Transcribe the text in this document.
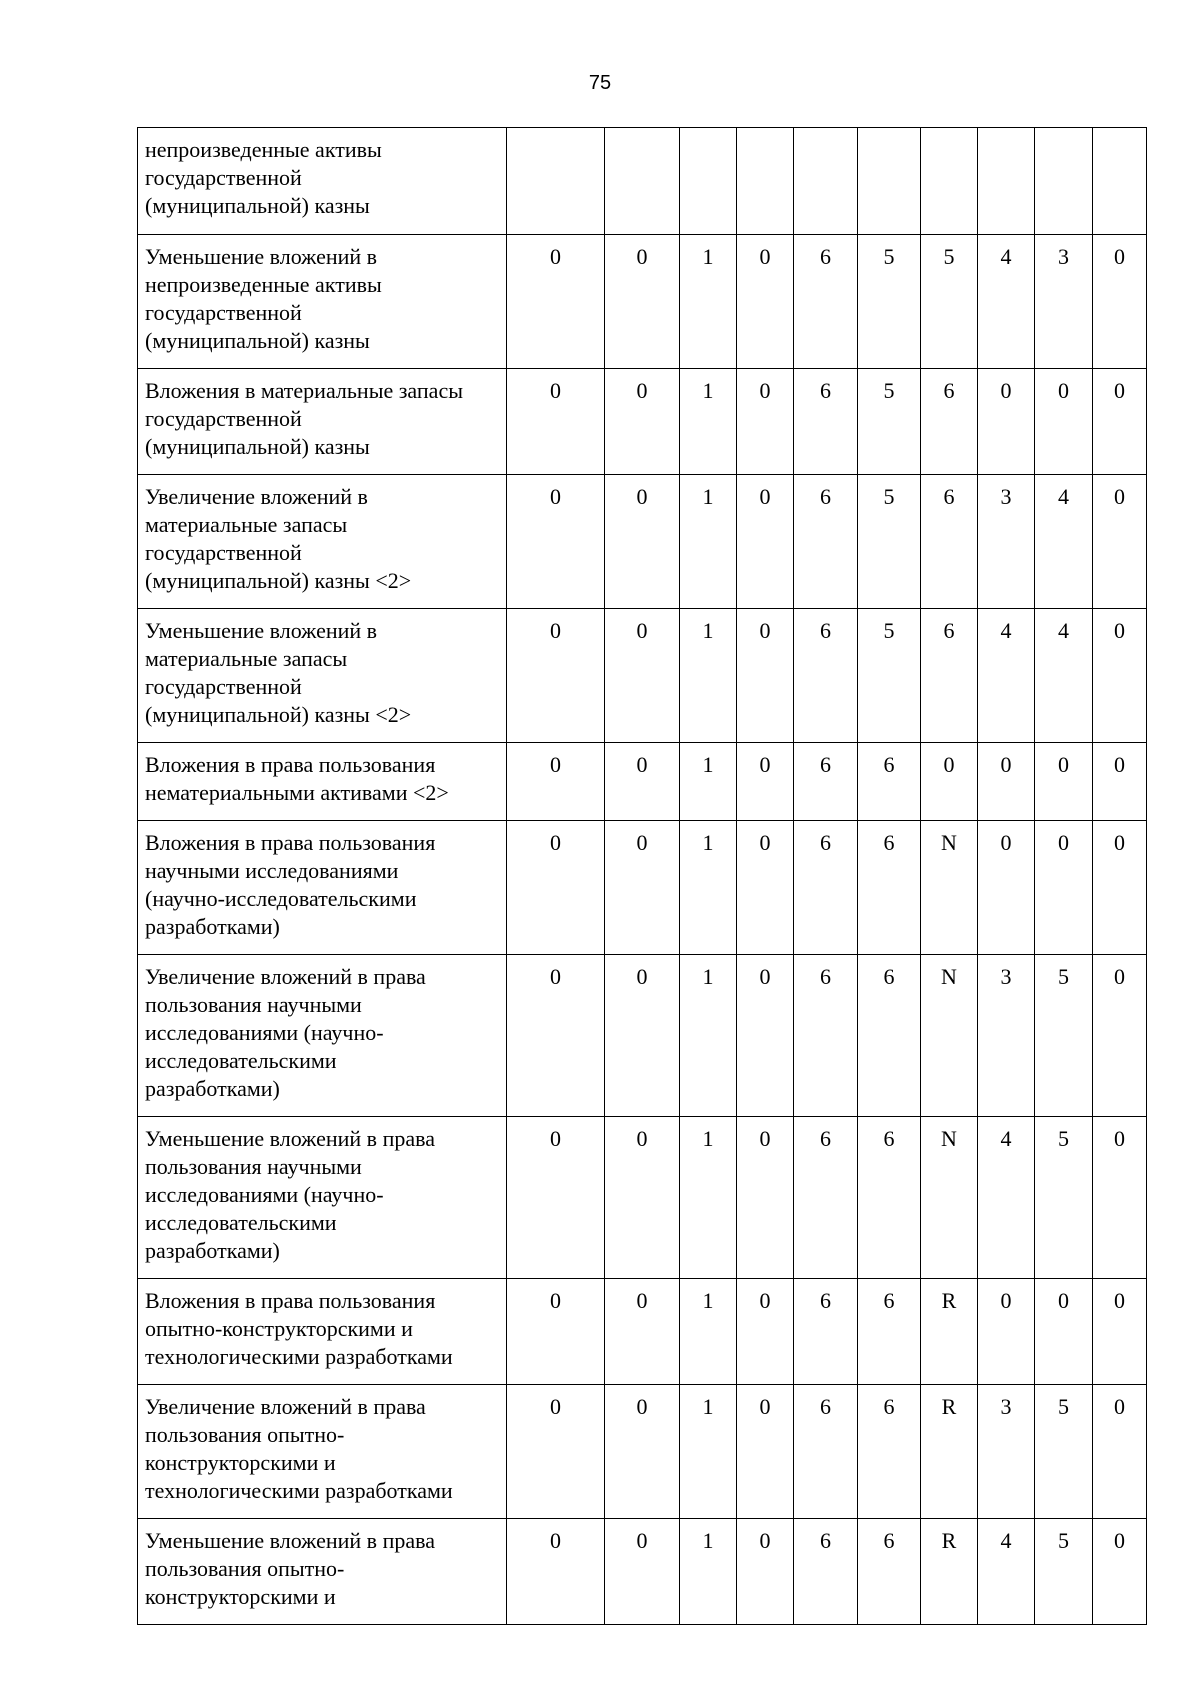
75
непроизведенные активы
государственной
(муниципальной) казны										

Уменьшение вложений в
непроизведенные активы
государственной
(муниципальной) казны	0	0	1	0	6	5	5	4	3	0

Вложения в материальные запасы
государственной
(муниципальной) казны	0	0	1	0	6	5	6	0	0	0

Увеличение вложений в
материальные запасы
государственной
(муниципальной) казны <2>	0	0	1	0	6	5	6	3	4	0

Уменьшение вложений в
материальные запасы
государственной
(муниципальной) казны <2>	0	0	1	0	6	5	6	4	4	0

Вложения в права пользования
нематериальными активами <2>	0	0	1	0	6	6	0	0	0	0

Вложения в права пользования
научными исследованиями
(научно-исследовательскими
разработками)	0	0	1	0	6	6	N	0	0	0

Увеличение вложений в права
пользования научными
исследованиями (научно-
исследовательскими
разработками)	0	0	1	0	6	6	N	3	5	0

Уменьшение вложений в права
пользования научными
исследованиями (научно-
исследовательскими
разработками)	0	0	1	0	6	6	N	4	5	0

Вложения в права пользования
опытно-конструкторскими и
технологическими разработками	0	0	1	0	6	6	R	0	0	0

Увеличение вложений в права
пользования опытно-
конструкторскими и
технологическими разработками	0	0	1	0	6	6	R	3	5	0

Уменьшение вложений в права
пользования опытно-
конструкторскими и	0	0	1	0	6	6	R	4	5	0
